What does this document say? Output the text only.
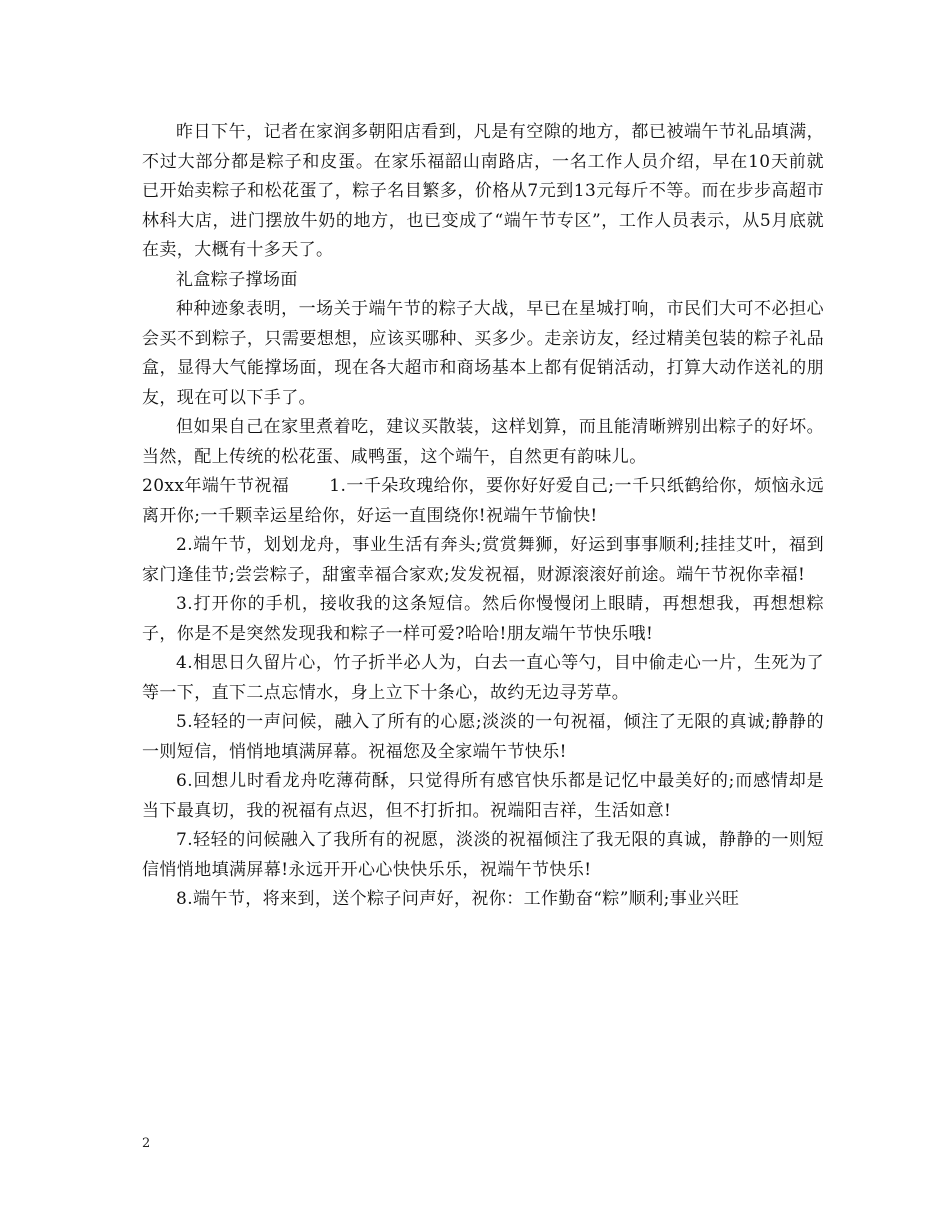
昨日下午，记者在家润多朝阳店看到，凡是有空隙的地方，都已被端午节礼品填满，不过大部分都是粽子和皮蛋。在家乐福韶山南路店，一名工作人员介绍，早在10天前就已开始卖粽子和松花蛋了，粽子名目繁多，价格从7元到13元每斤不等。而在步步高超市林科大店，进门摆放牛奶的地方，也已变成了“端午节专区”，工作人员表示，从5月底就在卖，大概有十多天了。

礼盒粽子撑场面

种种迹象表明，一场关于端午节的粽子大战，早已在星城打响，市民们大可不必担心会买不到粽子，只需要想想，应该买哪种、买多少。走亲访友，经过精美包装的粽子礼品盒，显得大气能撑场面，现在各大超市和商场基本上都有促销活动，打算大动作送礼的朋友，现在可以下手了。

但如果自己在家里煮着吃，建议买散装，这样划算，而且能清晰辨别出粽子的好坏。当然，配上传统的松花蛋、咸鸭蛋，这个端午，自然更有韵味儿。

20xx年端午节祝福 1.一千朵玫瑰给你，要你好好爱自己;一千只纸鹤给你，烦恼永远离开你;一千颗幸运星给你，好运一直围绕你!祝端午节愉快!

2.端午节，划划龙舟，事业生活有奔头;赏赏舞狮，好运到事事顺利;挂挂艾叶，福到家门逢佳节;尝尝粽子，甜蜜幸福合家欢;发发祝福，财源滚滚好前途。端午节祝你幸福!

3.打开你的手机，接收我的这条短信。然后你慢慢闭上眼睛，再想想我，再想想粽子，你是不是突然发现我和粽子一样可爱?哈哈!朋友端午节快乐哦!

4.相思日久留片心，竹子折半必人为，白去一直心等勺，目中偷走心一片，生死为了等一下，直下二点忘情水，身上立下十条心，故约无边寻芳草。

5.轻轻的一声问候，融入了所有的心愿;淡淡的一句祝福，倾注了无限的真诚;静静的一则短信，悄悄地填满屏幕。祝福您及全家端午节快乐!

6.回想儿时看龙舟吃薄荷酥，只觉得所有感官快乐都是记忆中最美好的;而感情却是当下最真切，我的祝福有点迟，但不打折扣。祝端阳吉祥，生活如意!

7.轻轻的问候融入了我所有的祝愿，淡淡的祝福倾注了我无限的真诚，静静的一则短信悄悄地填满屏幕!永远开开心心快快乐乐，祝端午节快乐!

8.端午节，将来到，送个粽子问声好，祝你：工作勤奋“粽”顺利;事业兴旺

2
